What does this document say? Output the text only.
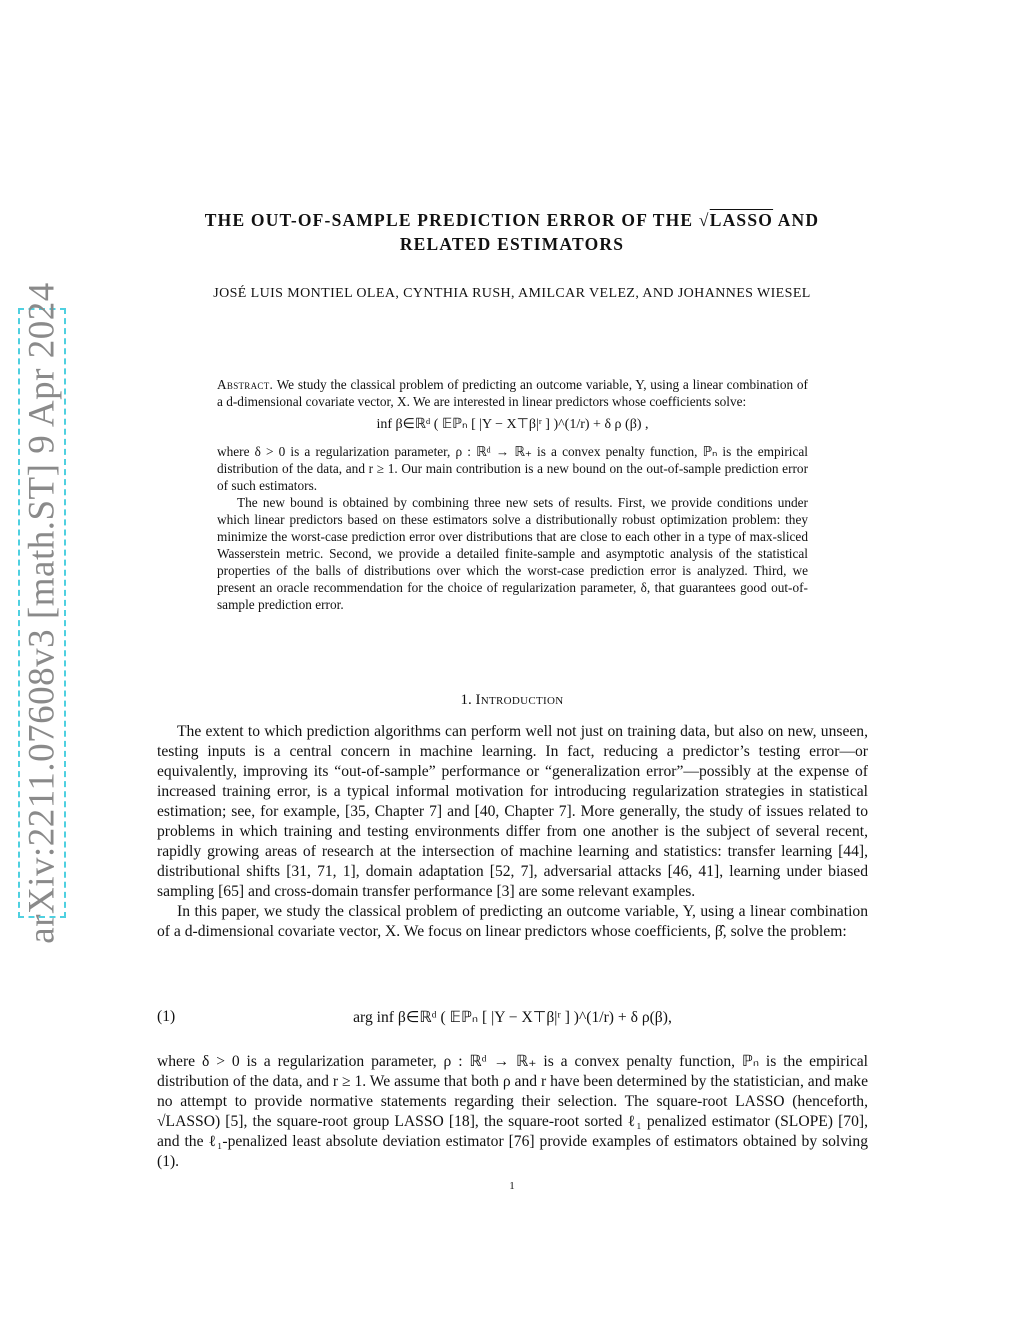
arXiv:2211.07608v3 [math.ST] 9 Apr 2024
THE OUT-OF-SAMPLE PREDICTION ERROR OF THE √LASSO AND
RELATED ESTIMATORS
JOSÉ LUIS MONTIEL OLEA, CYNTHIA RUSH, AMILCAR VELEZ, AND JOHANNES WIESEL

Abstract. We study the classical problem of predicting an outcome variable, Y, using a linear combination of a d-dimensional covariate vector, X. We are interested in linear predictors whose coefficients solve:

inf β∈ℝᵈ ( 𝔼ℙₙ [ |Y − X⊤β|ʳ ] )^(1/r) + δ ρ (β) ,

where δ > 0 is a regularization parameter, ρ : ℝᵈ → ℝ₊ is a convex penalty function, ℙₙ is the empirical distribution of the data, and r ≥ 1. Our main contribution is a new bound on the out-of-sample prediction error of such estimators.

The new bound is obtained by combining three new sets of results. First, we provide conditions under which linear predictors based on these estimators solve a distributionally robust optimization problem: they minimize the worst-case prediction error over distributions that are close to each other in a type of max-sliced Wasserstein metric. Second, we provide a detailed finite-sample and asymptotic analysis of the statistical properties of the balls of distributions over which the worst-case prediction error is analyzed. Third, we present an oracle recommendation for the choice of regularization parameter, δ, that guarantees good out-of-sample prediction error.

1. Introduction

The extent to which prediction algorithms can perform well not just on training data, but also on new, unseen, testing inputs is a central concern in machine learning. In fact, reducing a predictor’s testing error—or equivalently, improving its “out-of-sample” performance or “generalization error”—possibly at the expense of increased training error, is a typical informal motivation for introducing regularization strategies in statistical estimation; see, for example, [35, Chapter 7] and [40, Chapter 7]. More generally, the study of issues related to problems in which training and testing environments differ from one another is the subject of several recent, rapidly growing areas of research at the intersection of machine learning and statistics: transfer learning [44], distributional shifts [31, 71, 1], domain adaptation [52, 7], adversarial attacks [46, 41], learning under biased sampling [65] and cross-domain transfer performance [3] are some relevant examples.

In this paper, we study the classical problem of predicting an outcome variable, Y, using a linear combination of a d-dimensional covariate vector, X. We focus on linear predictors whose coefficients, β̂, solve the problem:

(1)	arg inf β∈ℝᵈ ( 𝔼ℙₙ [ |Y − X⊤β|ʳ ] )^(1/r) + δ ρ(β),

where δ > 0 is a regularization parameter, ρ : ℝᵈ → ℝ₊ is a convex penalty function, ℙₙ is the empirical distribution of the data, and r ≥ 1. We assume that both ρ and r have been determined by the statistician, and make no attempt to provide normative statements regarding their selection. The square-root LASSO (henceforth, √LASSO) [5], the square-root group LASSO [18], the square-root sorted ℓ₁ penalized estimator (SLOPE) [70], and the ℓ₁-penalized least absolute deviation estimator [76] provide examples of estimators obtained by solving (1).

1
